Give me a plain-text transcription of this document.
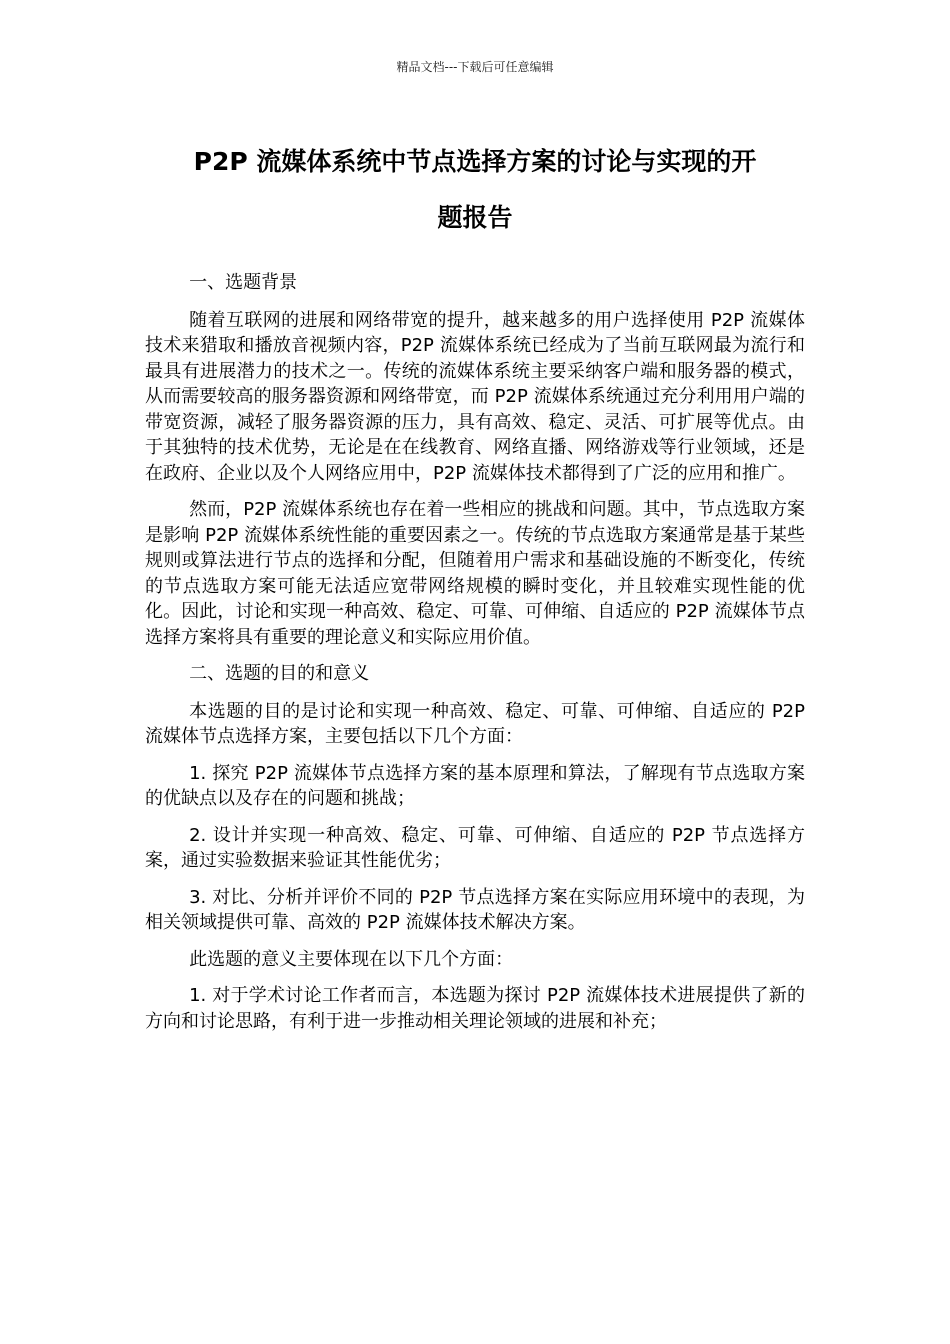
精品文档---下载后可任意编辑
P2P 流媒体系统中节点选择方案的讨论与实现的开
题报告

一、选题背景

随着互联网的进展和网络带宽的提升，越来越多的用户选择使用 P2P 流媒体技术来猎取和播放音视频内容，P2P 流媒体系统已经成为了当前互联网最为流行和最具有进展潜力的技术之一。传统的流媒体系统主要采纳客户端和服务器的模式，从而需要较高的服务器资源和网络带宽，而 P2P 流媒体系统通过充分利用用户端的带宽资源，减轻了服务器资源的压力，具有高效、稳定、灵活、可扩展等优点。由于其独特的技术优势，无论是在在线教育、网络直播、网络游戏等行业领域，还是在政府、企业以及个人网络应用中，P2P 流媒体技术都得到了广泛的应用和推广。

然而，P2P 流媒体系统也存在着一些相应的挑战和问题。其中，节点选取方案是影响 P2P 流媒体系统性能的重要因素之一。传统的节点选取方案通常是基于某些规则或算法进行节点的选择和分配，但随着用户需求和基础设施的不断变化，传统的节点选取方案可能无法适应宽带网络规模的瞬时变化，并且较难实现性能的优化。因此，讨论和实现一种高效、稳定、可靠、可伸缩、自适应的 P2P 流媒体节点选择方案将具有重要的理论意义和实际应用价值。

二、选题的目的和意义

本选题的目的是讨论和实现一种高效、稳定、可靠、可伸缩、自适应的 P2P 流媒体节点选择方案，主要包括以下几个方面：

1. 探究 P2P 流媒体节点选择方案的基本原理和算法，了解现有节点选取方案的优缺点以及存在的问题和挑战；

2. 设计并实现一种高效、稳定、可靠、可伸缩、自适应的 P2P 节点选择方案，通过实验数据来验证其性能优劣；

3. 对比、分析并评价不同的 P2P 节点选择方案在实际应用环境中的表现，为相关领域提供可靠、高效的 P2P 流媒体技术解决方案。

此选题的意义主要体现在以下几个方面：

1. 对于学术讨论工作者而言，本选题为探讨 P2P 流媒体技术进展提供了新的方向和讨论思路，有利于进一步推动相关理论领域的进展和补充；
